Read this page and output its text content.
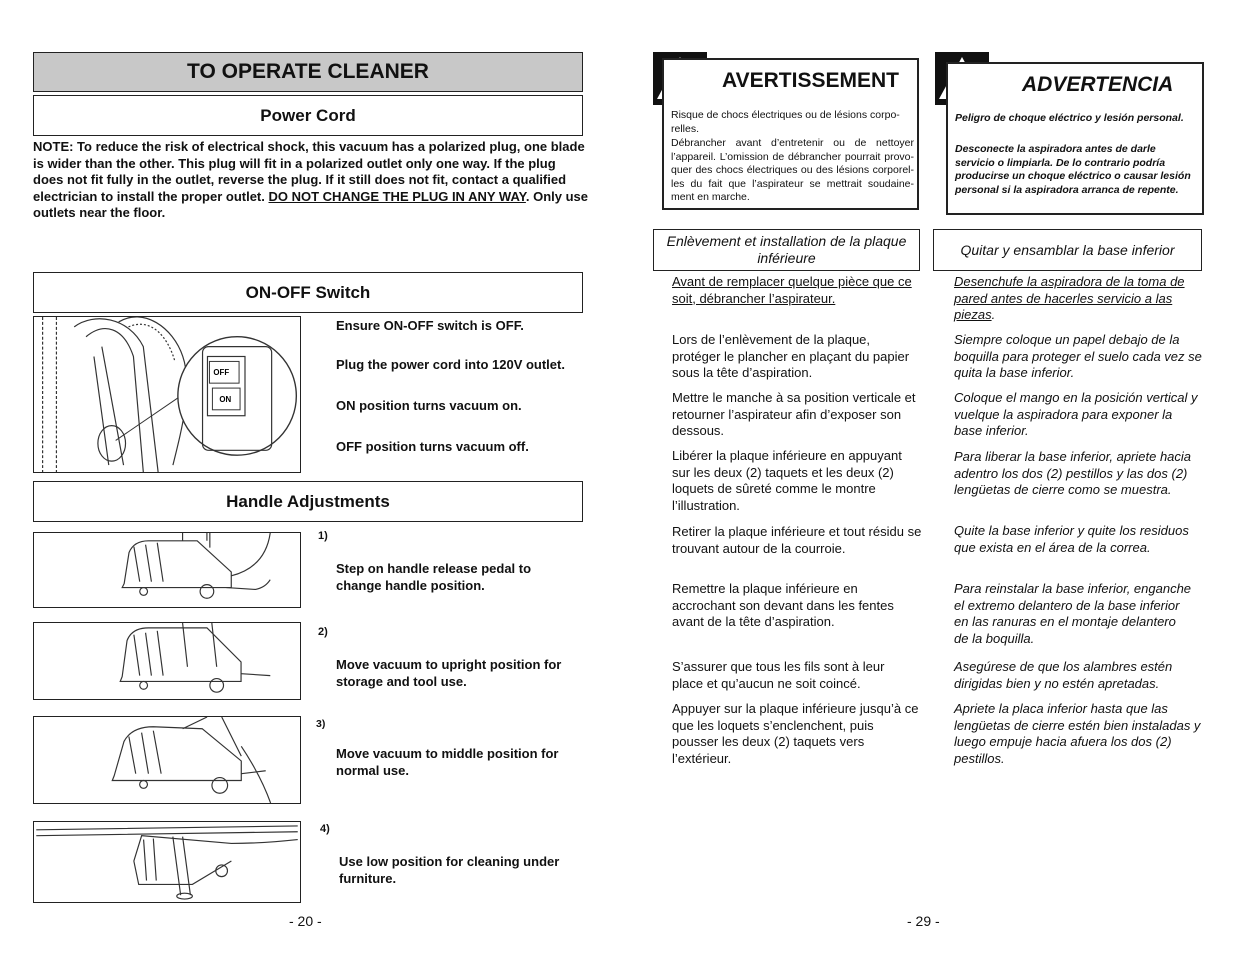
TO OPERATE CLEANER
Power Cord
NOTE: To reduce the risk of electrical shock, this vacuum has a polarized plug, one blade is wider than the other. This plug will fit in a polarized outlet only one way. If the plug does not fit fully in the outlet, reverse the plug. If it still does not fit, contact a qualified electrician to install the proper outlet. DO NOT CHANGE THE PLUG IN ANY WAY. Only use outlets near the floor.
ON-OFF Switch
OFF
ON
Ensure ON-OFF switch is OFF.
Plug the power cord into 120V outlet.
ON position turns vacuum on.
OFF position turns vacuum off.
Handle Adjustments
1)
Step on handle release pedal to change handle position.
2)
Move vacuum to upright position for storage and tool use.
3)
Move vacuum to middle position for normal use.
4)
Use low position for cleaning under furniture.
- 20 -
AVERTISSEMENT
Risque de chocs électriques ou de lésions corpo-relles.
Débrancher avant d’entretenir ou de nettoyer l’appareil. L’omission de débrancher pourrait provo-quer des chocs électriques ou des lésions corporel-les du fait que l’aspirateur se mettrait soudaine-ment en marche.
Enlèvement et installation de la plaque inférieure
Avant de remplacer quelque pièce que ce soit, débrancher l’aspirateur.
Lors de l’enlèvement de la plaque, protéger le plancher en plaçant du papier sous la tête d’aspiration.
Mettre le manche à sa position verticale et retourner l’aspirateur afin d’exposer son dessous.
Libérer la plaque inférieure en appuyant sur les deux (2) taquets et les deux (2) loquets de sûreté comme le montre l’illustration.
Retirer la plaque inférieure et tout résidu se trouvant autour de la courroie.
Remettre la plaque inférieure en accrochant son devant dans les fentes avant de la tête d’aspiration.
S’assurer que tous les fils sont à leur place et qu’aucun ne soit coincé.
Appuyer sur la plaque inférieure jusqu’à ce que les loquets s’enclenchent, puis pousser les deux (2) taquets vers l’extérieur.
ADVERTENCIA
Peligro de choque eléctrico y lesión personal.
Desconecte la aspiradora antes de darle servicio o limpiarla. De lo contrario podría producirse un choque eléctrico o causar lesión personal si la aspiradora arranca de repente.
Quitar y ensamblar la base inferior
Desenchufe la aspiradora de la toma de pared antes de hacerles servicio a las piezas.
Siempre coloque un papel debajo de la boquilla para proteger el suelo cada vez se quita la base inferior.
Coloque el mango en la posición vertical y vuelque la aspiradora para exponer la base inferior.
Para liberar la base inferior, apriete hacia adentro los dos (2) pestillos y las dos (2) lengüetas de cierre como se muestra.
Quite la base inferior y quite los residuos que exista en el área de la correa.
Para reinstalar la base inferior, enganche el extremo delantero de la base inferior en las ranuras en el montaje delantero de la boquilla.
Asegúrese de que los alambres estén dirigidas bien y no estén apretadas.
Apriete la placa inferior hasta que las lengüetas de cierre estén bien instaladas y luego empuje hacia afuera los dos (2) pestillos.
- 29 -
